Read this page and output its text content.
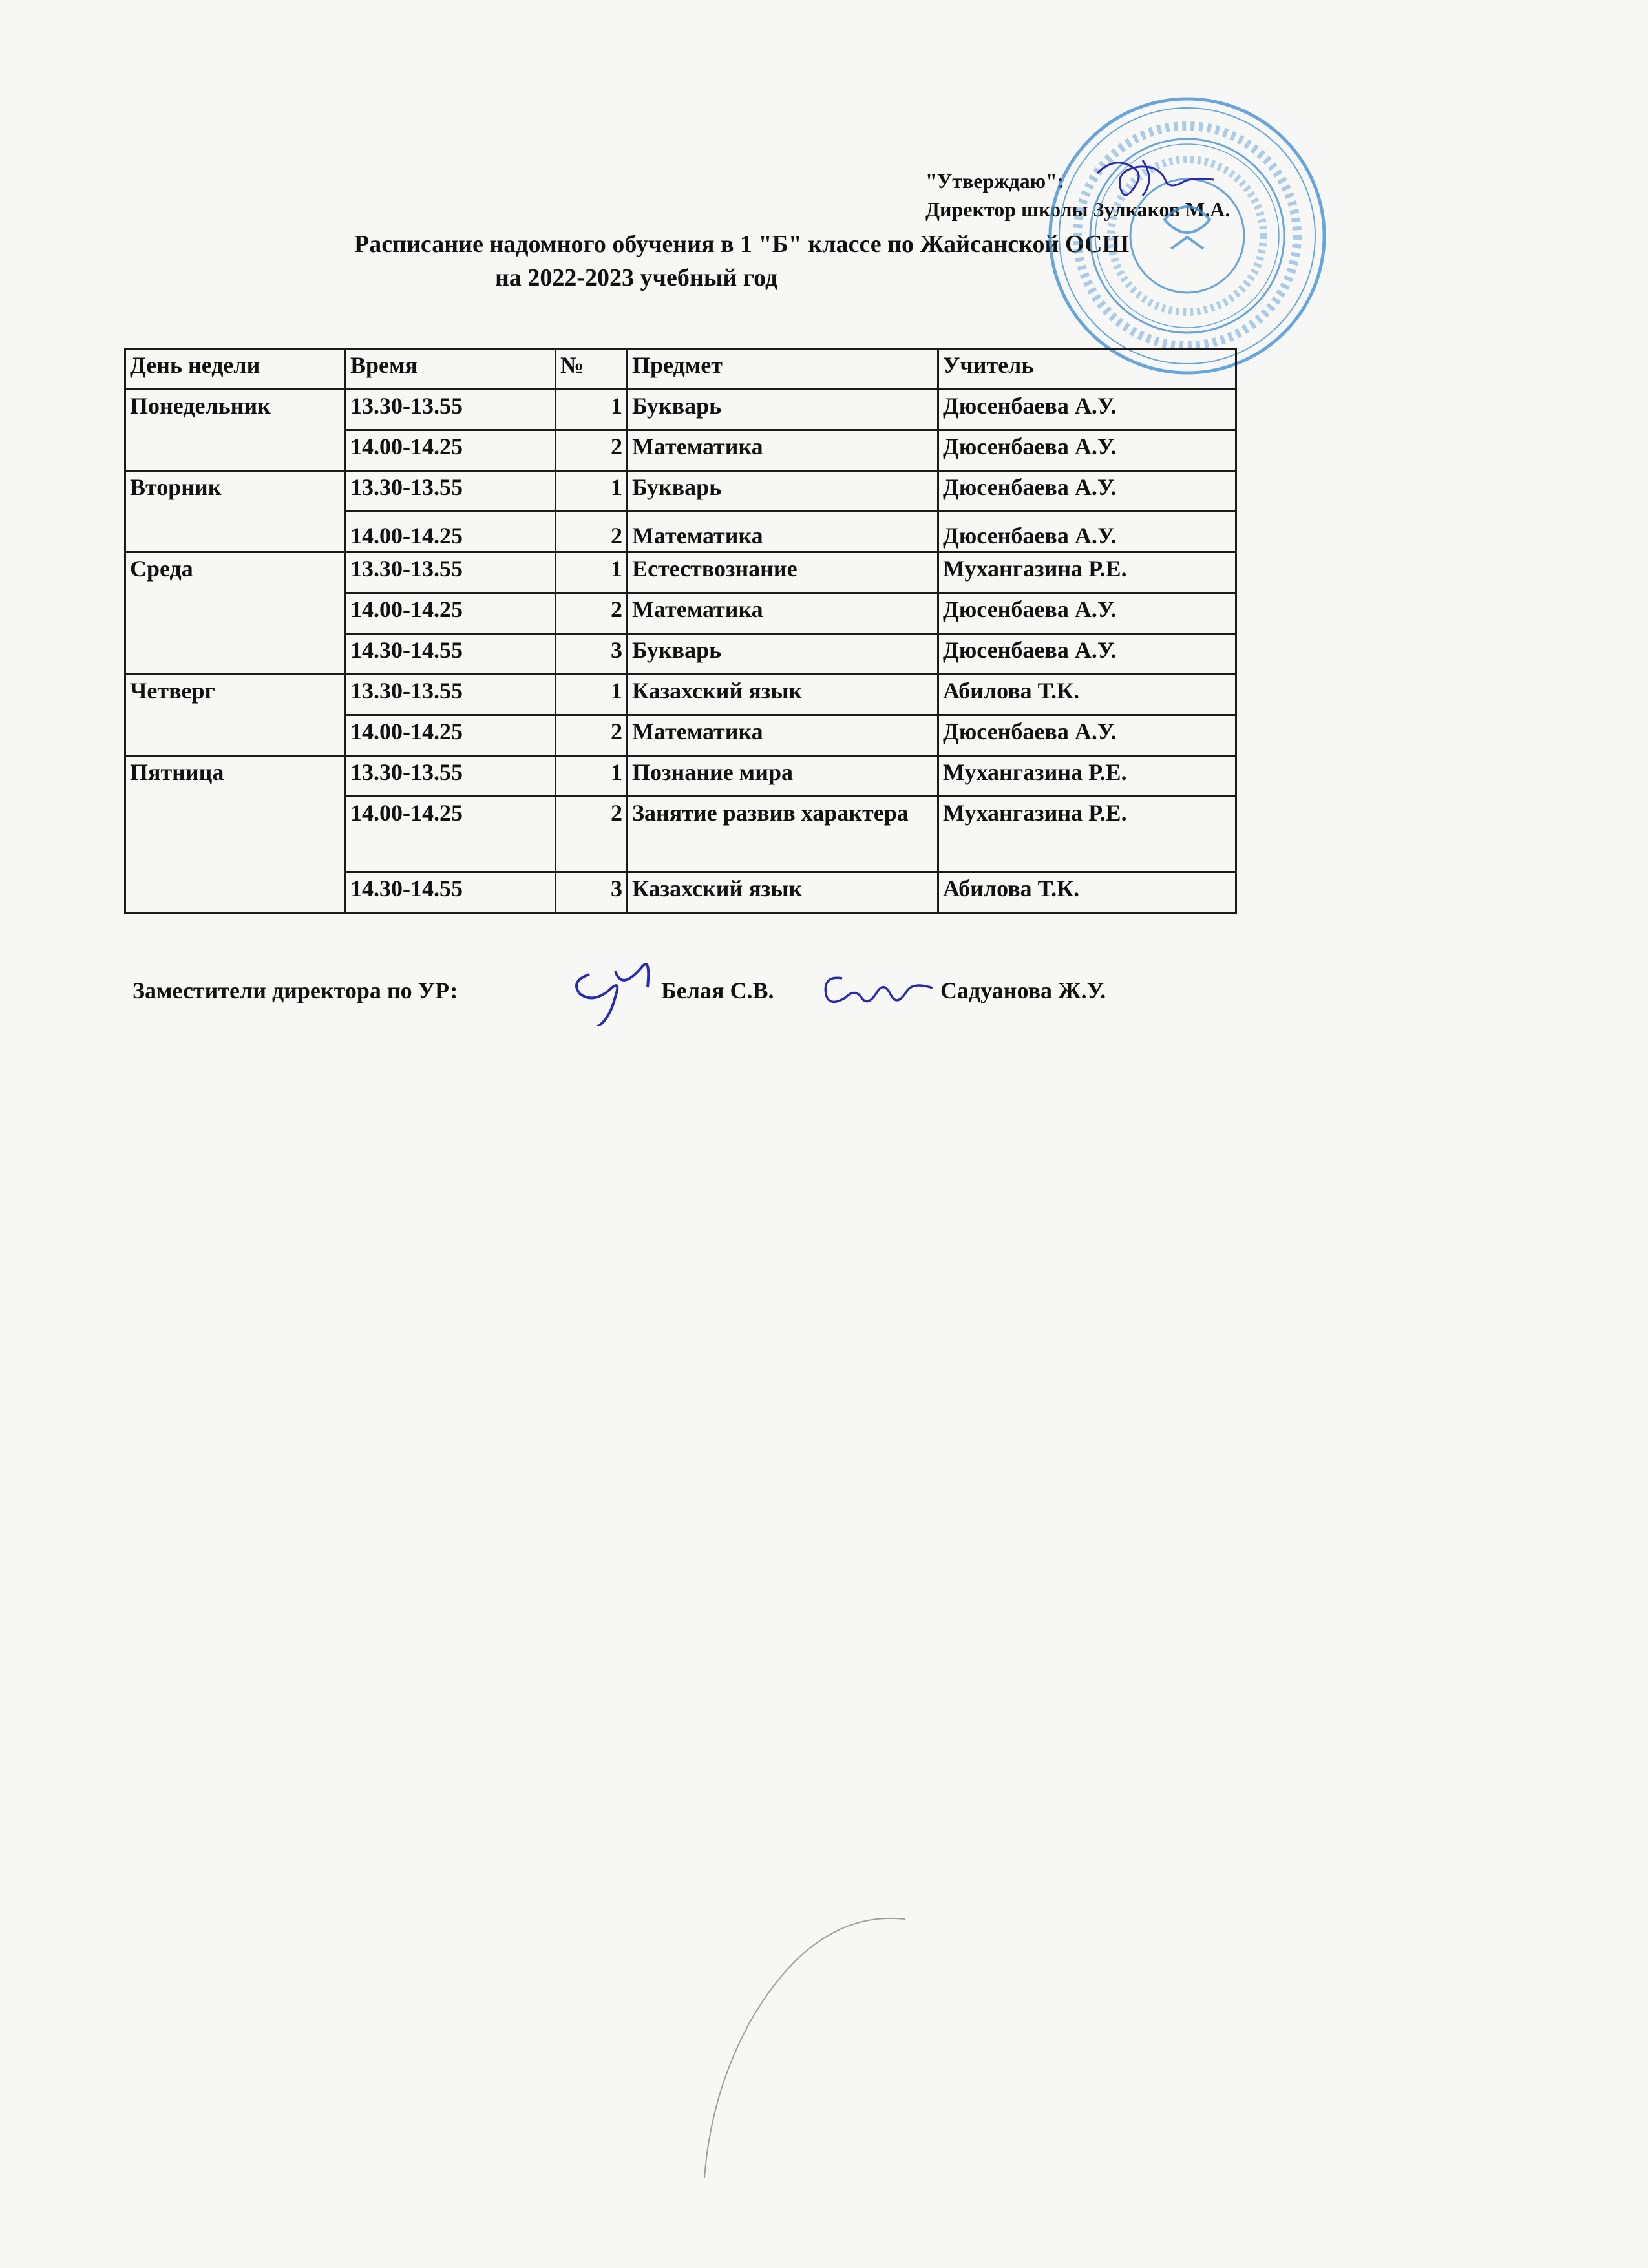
"Утверждаю":
Директор школы Зулкаков М.А.
Расписание надомного обучения в 1 "Б" классе по Жайсанской ОСШ
на 2022-2023 учебный год
День недели	Время	№	Предмет	Учитель
Понедельник	13.30-13.55	1	Букварь	Дюсенбаева А.У.
	14.00-14.25	2	Математика	Дюсенбаева А.У.
Вторник	13.30-13.55	1	Букварь	Дюсенбаева А.У.
	14.00-14.25	2	Математика	Дюсенбаева А.У.
Среда	13.30-13.55	1	Естествознание	Мухангазина Р.Е.
	14.00-14.25	2	Математика	Дюсенбаева А.У.
	14.30-14.55	3	Букварь	Дюсенбаева А.У.
Четверг	13.30-13.55	1	Казахский язык	Абилова Т.К.
	14.00-14.25	2	Математика	Дюсенбаева А.У.
Пятница	13.30-13.55	1	Познание мира	Мухангазина Р.Е.
	14.00-14.25	2	Занятие развив характера	Мухангазина Р.Е.
	14.30-14.55	3	Казахский язык	Абилова Т.К.
Заместители директора по УР:	Белая С.В.	Садуанова Ж.У.
